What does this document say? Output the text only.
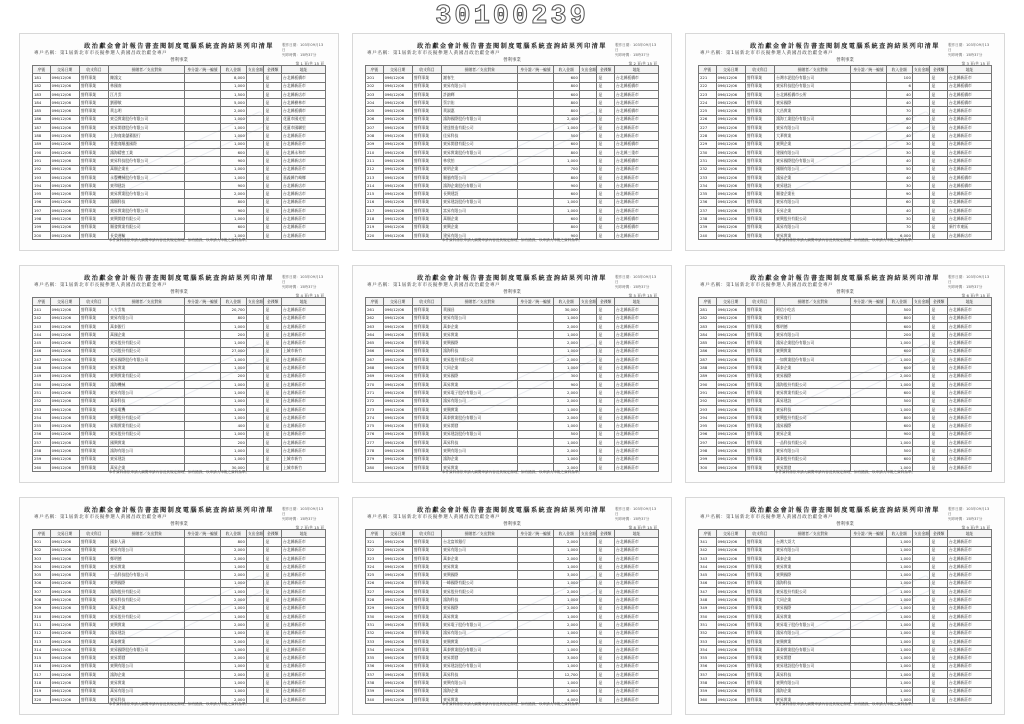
30100239
政治獻金會計報告書查閱制度電腦系統查詢結果列印清單	製作日期：103年09月13日
列印時間：15時37分
專戶名稱：第1屆新北市市長擬參選人黃國昌政治獻金專戶
營利事業
第 1 頁/共 15 頁
序號	交易日期	收支科目	捐贈者／支出對象	身分證／統一編號	收入金額	支出金額	金錢類	地址
181	096/12/06	營利事業	陳鴻文		8,000		是	台北縣板橋市
182	096/12/06	營利事業	林國南		1,000		是	台北縣新莊市
183	096/12/06	營利事業	江月雲		1,500		是	台北縣新店市
184	096/12/06	營利事業	劉靜敏		5,000		是	台北縣樹林市
185	096/12/06	營利事業	黃志明		2,000		是	台北縣板橋市
186	096/12/06	營利事業	東亞實業股份有限公司		1,000		是	花蓮市國光里
187	096/12/06	營利事業	東昇開發股份有限公司		1,000		是	花蓮市國聯里
188	096/12/06	營利事業	上海商業儲蓄銀行		1,000		是	台北縣新莊市
189	096/12/06	營利事業	香港商順風國際		1,000		是	台北縣新莊市
190	096/12/06	營利事業	鴻海精密工業		600		是	台北縣永和市
191	096/12/06	營利事業	東昇科技股份有限公司		900		是	台北縣新店市
192	096/12/06	營利事業	萬順企業社		1,000		是	台北縣新莊市
193	096/12/06	營利事業	永豐機械股份有限公司		1,000		是	嘉義縣竹崎鄉
194	096/12/06	營利事業	東和建設		900		是	台北縣新店市
195	096/12/06	營利事業	東昇實業股份有限公司		2,000		是	台北縣新店市
196	096/12/06	營利事業	鴻順科技		800		是	台北縣新莊市
197	096/12/06	營利事業	東昇實業股份有限公司		900		是	台北縣新莊市
198	096/12/06	營利事業	東興開發有限公司		1,000		是	台北縣新莊市
199	096/12/06	營利事業	順發實業有限公司		600		是	台北縣新莊市
200	096/12/06	營利事業	長榮運輸		1,000		是	台北縣新莊市
本件資料係依申請人調閱申請內容及其規定辦理，如有錯誤，以申請人申報之資料為準。
政治獻金會計報告書查閱制度電腦系統查詢結果列印清單	製作日期：103年09月13日
列印時間：15時37分
專戶名稱：第1屆新北市市長擬參選人黃國昌政治獻金專戶
營利事業
第 2 頁/共 15 頁
序號	交易日期	收支科目	捐贈者／支出對象	身分證／統一編號	收入金額	支出金額	金錢類	地址
201	096/12/06	營利事業	謝春生		600		是	台北縣板橋市
202	096/12/06	營利事業	東昇有限公司		800		是	台北縣板橋市
203	096/12/06	營利事業	許錦輝		600		是	台北縣新莊市
204	096/12/06	營利事業	蔡宗佑		800		是	台北縣新莊市
205	096/12/06	營利事業	黃淑惠		800		是	台北縣板橋市
206	096/12/06	營利事業	鴻海國際股份有限公司		2,400		是	台北縣新莊市
207	096/12/06	營利事業	建達營造有限公司		1,000		是	台北縣新莊市
208	096/12/06	營利事業	佳昇科技		500		是	台北縣新莊市
209	096/12/06	營利事業	東昇開發有限公司		600		是	台北縣板橋市
210	096/12/06	營利事業	東昇實業股份有限公司		800		是	台北縣三重市
211	096/12/06	營利事業	林欣怡		1,000		是	台北縣板橋市
212	096/12/06	營利事業	東明企業		700		是	台北縣新莊市
213	096/12/06	營利事業	順風有限公司		800		是	台北縣新莊市
214	096/12/06	營利事業	鴻海企業股份有限公司		900		是	台北縣新莊市
215	096/12/06	營利事業	長興建設		600		是	台北縣新莊市
216	096/12/06	營利事業	東昇建設股份有限公司		1,000		是	台北縣新莊市
217	096/12/06	營利事業	富昇有限公司		1,000		是	台北縣新莊市
218	096/12/06	營利事業	萬順企業		600		是	台北縣板橋市
219	096/12/06	營利事業	東興企業		800		是	台北縣板橋市
220	096/12/06	營利事業	建昇有限公司		900		是	台北縣新莊市
本件資料係依申請人調閱申請內容及其規定辦理，如有錯誤，以申請人申報之資料為準。
政治獻金會計報告書查閱制度電腦系統查詢結果列印清單	製作日期：103年09月13日
列印時間：15時37分
專戶名稱：第1屆新北市市長擬參選人黃國昌政治獻金專戶
營利事業
第 3 頁/共 15 頁
序號	交易日期	收支科目	捐贈者／支出對象	身分證／統一編號	收入金額	支出金額	金錢類	地址
221	096/12/06	營利事業	台灣水泥股份有限公司		100		是	台北縣新莊市
222	096/12/06	營利事業	東昇科技股份有限公司		6		是	台北縣板橋市
223	096/12/06	營利事業	台北縣板橋市公所		40		是	台北縣板橋市
224	096/12/06	營利事業	東昇國際		40		是	台北縣板橋市
225	096/12/06	營利事業	大昌實業		70		是	台北縣新莊市
226	096/12/06	營利事業	鴻海工業股份有限公司		60		是	台北縣新莊市
227	096/12/06	營利事業	東昇有限公司		40		是	台北縣新莊市
228	096/12/06	營利事業	大華實業		40		是	台北縣新莊市
229	096/12/06	營利事業	東興企業		30		是	台北縣新莊市
230	096/12/06	營利事業	建國有限公司		30		是	台北縣新莊市
231	096/12/06	營利事業	東昇國際股份有限公司		40		是	台北縣新莊市
232	096/12/06	營利事業	國順有限公司		50		是	台北縣新莊市
233	096/12/06	營利事業	鴻昇企業		40		是	台北縣板橋市
234	096/12/06	營利事業	東昇建設		30		是	台北縣板橋市
235	096/12/06	營利事業	順發企業社		90		是	台北縣新莊市
236	096/12/06	營利事業	東昇有限公司		60		是	台北縣新莊市
237	096/12/06	營利事業	長昇企業		40		是	台北縣新莊市
238	096/12/06	營利事業	東興股份有限公司		30		是	台北縣新莊市
239	096/12/06	營利事業	萬昇有限公司		70		是	新竹市東區
240	096/12/06	營利事業	東昇實業		6,000		是	台北縣新店市
本件資料係依申請人調閱申請內容及其規定辦理，如有錯誤，以申請人申報之資料為準。
政治獻金會計報告書查閱制度電腦系統查詢結果列印清單	製作日期：103年09月13日
列印時間：15時37分
專戶名稱：第1屆新北市市長擬參選人黃國昌政治獻金專戶
營利事業
第 4 頁/共 15 頁
序號	交易日期	收支科目	捐贈者／支出對象	身分證／統一編號	收入金額	支出金額	金錢類	地址
241	096/12/06	營利事業	八方雲集		20,700		是	台北縣新莊市
242	096/12/06	營利事業	東昇有限公司		800		是	台北縣新莊市
243	096/12/06	營利事業	萬泰銀行		1,000		是	台北縣新莊市
244	096/12/06	營利事業	萬國企業		200		是	台北縣新莊市
245	096/12/06	營利事業	東昇股份有限公司		1,000		是	台北縣新莊市
246	096/12/06	營利事業	大同股份有限公司		27,000		是	上城市新竹
247	096/12/06	營利事業	東昇國際股份有限公司		1,000		是	台北縣新莊市
248	096/12/06	營利事業	東昇實業		1,000		是	台北縣新莊市
249	096/12/06	營利事業	東興實業有限公司		200		是	台北縣新莊市
250	096/12/06	營利事業	鴻海機械		1,000		是	台北縣新莊市
251	096/12/06	營利事業	東昇有限公司		1,000		是	台北縣新莊市
252	096/12/06	營利事業	萬泰科技		1,000		是	台北縣新莊市
253	096/12/06	營利事業	東昇電機		1,000		是	台北縣新莊市
254	096/12/06	營利事業	東興股份有限公司		1,000		是	台北縣新莊市
255	096/12/06	營利事業	昇陽實業有限公司		400		是	台北縣新莊市
256	096/12/06	營利事業	東昇股份有限公司		1,000		是	台北縣新莊市
257	096/12/06	營利事業	國興實業		200		是	台北縣新莊市
258	096/12/06	營利事業	鴻海有限公司		1,000		是	台北縣新莊市
259	096/12/06	營利事業	東昇建設		1,000		是	上城市新竹
260	096/12/06	營利事業	萬昇企業		30,000		是	上城市新竹
本件資料係依申請人調閱申請內容及其規定辦理，如有錯誤，以申請人申報之資料為準。
政治獻金會計報告書查閱制度電腦系統查詢結果列印清單	製作日期：103年09月13日
列印時間：15時37分
專戶名稱：第1屆新北市市長擬參選人黃國昌政治獻金專戶
營利事業
第 5 頁/共 15 頁
序號	交易日期	收支科目	捐贈者／支出對象	身分證／統一編號	收入金額	支出金額	金錢類	地址
261	096/12/06	營利事業	黃國昌		30,000		是	台北縣新莊市
262	096/12/06	營利事業	東昇有限公司		1,000		是	台北縣新莊市
263	096/12/06	營利事業	萬泰企業		2,000		是	台北縣新莊市
264	096/12/06	營利事業	東昇實業		1,000		是	台北縣新莊市
265	096/12/06	營利事業	東興國際		2,000		是	台北縣新莊市
266	096/12/06	營利事業	鴻海科技		1,000		是	台北縣新莊市
267	096/12/06	營利事業	東昇股份有限公司		2,000		是	台北縣新莊市
268	096/12/06	營利事業	大同企業		1,000		是	台北縣新莊市
269	096/12/06	營利事業	東昇國際		300		是	台北縣新莊市
270	096/12/06	營利事業	萬昇實業		900		是	台北縣新莊市
271	096/12/06	營利事業	東昇電子股份有限公司		2,000		是	台北縣新莊市
272	096/12/06	營利事業	鴻昇有限公司		2,000		是	台北縣新莊市
273	096/12/06	營利事業	東興實業		1,000		是	台北縣新莊市
274	096/12/06	營利事業	萬泰實業股份有限公司		2,000		是	台北縣新莊市
275	096/12/06	營利事業	東昇開發		1,000		是	台北縣新莊市
276	096/12/06	營利事業	東昇建設股份有限公司		500		是	台北縣新莊市
277	096/12/06	營利事業	萬昇科技		1,000		是	台北縣新莊市
278	096/12/06	營利事業	東興有限公司		2,000		是	台北縣新莊市
279	096/12/06	營利事業	鴻海企業		1,000		是	台北縣新莊市
280	096/12/06	營利事業	東昇實業		2,000		是	台北縣新莊市
本件資料係依申請人調閱申請內容及其規定辦理，如有錯誤，以申請人申報之資料為準。
政治獻金會計報告書查閱制度電腦系統查詢結果列印清單	製作日期：103年09月13日
列印時間：15時37分
專戶名稱：第1屆新北市市長擬參選人黃國昌政治獻金專戶
營利事業
第 6 頁/共 15 頁
序號	交易日期	收支科目	捐贈者／支出對象	身分證／統一編號	收入金額	支出金額	金錢類	地址
281	096/12/06	營利事業	阿信小吃店		500		是	台北縣新莊市
282	096/12/06	營利事業	東昇商行		800		是	台北縣新莊市
283	096/12/06	營利事業	鄭明德		600		是	台北縣新莊市
284	096/12/06	營利事業	東昇有限公司		200		是	台北縣新莊市
285	096/12/06	營利事業	鴻昇企業股份有限公司		1,000		是	台北縣新莊市
286	096/12/06	營利事業	東興實業		600		是	台北縣新莊市
287	096/12/06	營利事業	一如實業股份有限公司		1,000		是	台北縣新莊市
288	096/12/06	營利事業	萬泰企業		600		是	台北縣新莊市
289	096/12/06	營利事業	東昇國際		2,000		是	台北縣新莊市
290	096/12/06	營利事業	鴻海股份有限公司		1,000		是	台北縣新莊市
291	096/12/06	營利事業	東昇實業有限公司		600		是	台北縣新莊市
292	096/12/06	營利事業	萬昇建設		500		是	台北縣新莊市
293	096/12/06	營利事業	東昇科技		1,000		是	台北縣新莊市
294	096/12/06	營利事業	東興股份有限公司		800		是	台北縣新莊市
295	096/12/06	營利事業	鴻昇國際		600		是	台北縣新莊市
296	096/12/06	營利事業	東昇企業		900		是	台北縣新莊市
297	096/12/06	營利事業	一品科技有限公司		1,000		是	台北縣新莊市
298	096/12/06	營利事業	東昇有限公司		500		是	台北縣新莊市
299	096/12/06	營利事業	萬泰股份有限公司		600		是	台北縣新莊市
300	096/12/06	營利事業	東昇開發		1,000		是	台北縣新莊市
本件資料係依申請人調閱申請內容及其規定辦理，如有錯誤，以申請人申報之資料為準。
政治獻金會計報告書查閱制度電腦系統查詢結果列印清單	製作日期：103年09月13日
列印時間：15時37分
專戶名稱：第1屆新北市市長擬參選人黃國昌政治獻金專戶
營利事業
第 7 頁/共 15 頁
序號	交易日期	收支科目	捐贈者／支出對象	身分證／統一編號	收入金額	支出金額	金錢類	地址
301	096/12/06	營利事業	國泰人壽		800		是	台北縣新莊市
302	096/12/06	營利事業	東昇有限公司		2,000		是	台北縣新莊市
303	096/12/06	營利事業	鄭明德		2,000		是	台北縣新莊市
304	096/12/06	營利事業	東昇實業		1,000		是	台北縣新莊市
305	096/12/06	營利事業	一品科技股份有限公司		2,000		是	台北縣新莊市
306	096/12/06	營利事業	東興國際		1,000		是	台北縣新莊市
307	096/12/06	營利事業	鴻海股份有限公司		1,000		是	台北縣新莊市
308	096/12/06	營利事業	東昇科技有限公司		2,000		是	台北縣新莊市
309	096/12/06	營利事業	萬昇企業		1,000		是	台北縣新莊市
310	096/12/06	營利事業	東昇股份有限公司		1,000		是	台北縣新莊市
311	096/12/06	營利事業	東興實業		2,000		是	台北縣新莊市
312	096/12/06	營利事業	鴻昇建設		1,000		是	台北縣新莊市
313	096/12/06	營利事業	萬泰實業		2,000		是	台北縣新莊市
314	096/12/06	營利事業	東昇國際股份有限公司		1,000		是	台北縣新莊市
315	096/12/06	營利事業	東昇開發		2,000		是	台北縣新莊市
316	096/12/06	營利事業	東興有限公司		1,000		是	台北縣新莊市
317	096/12/06	營利事業	鴻海企業		2,000		是	台北縣新莊市
318	096/12/06	營利事業	東昇實業		1,000		是	台北縣新莊市
319	096/12/06	營利事業	萬昇有限公司		1,000		是	台北縣新莊市
320	096/12/06	營利事業	東昇科技		2,000		是	台北縣新莊市
本件資料係依申請人調閱申請內容及其規定辦理，如有錯誤，以申請人申報之資料為準。
政治獻金會計報告書查閱制度電腦系統查詢結果列印清單	製作日期：103年09月13日
列印時間：15時37分
專戶名稱：第1屆新北市市長擬參選人黃國昌政治獻金專戶
營利事業
第 8 頁/共 15 頁
序號	交易日期	收支科目	捐贈者／支出對象	身分證／統一編號	收入金額	支出金額	金錢類	地址
321	096/12/06	營利事業	台北富邦銀行		2,000		是	台北縣新莊市
322	096/12/06	營利事業	東昇有限公司		1,000		是	台北縣新莊市
323	096/12/06	營利事業	萬泰企業		2,000		是	台北縣新莊市
324	096/12/06	營利事業	東昇實業		1,000		是	台北縣新莊市
325	096/12/06	營利事業	東興國際		3,000		是	台北縣新莊市
326	096/12/06	營利事業	一峰國際有限公司		1,000		是	台北縣新莊市
327	096/12/06	營利事業	東昇股份有限公司		2,000		是	台北縣新莊市
328	096/12/06	營利事業	鴻海科技		1,000		是	台北縣新莊市
329	096/12/06	營利事業	東昇國際		2,000		是	台北縣新莊市
330	096/12/06	營利事業	萬昇實業		1,000		是	台北縣新莊市
331	096/12/06	營利事業	東昇電子股份有限公司		2,000		是	台北縣新莊市
332	096/12/06	營利事業	鴻昇有限公司		1,000		是	台北縣新莊市
333	096/12/06	營利事業	東興實業		2,000		是	台北縣新莊市
334	096/12/06	營利事業	萬泰實業股份有限公司		1,000		是	台北縣新莊市
335	096/12/06	營利事業	東昇開發		3,000		是	台北縣新莊市
336	096/12/06	營利事業	東昇建設股份有限公司		1,000		是	台北縣新莊市
337	096/12/06	營利事業	萬昇科技		12,700		是	台北縣新莊市
338	096/12/06	營利事業	東興有限公司		1,000		是	台北縣新莊市
339	096/12/06	營利事業	鴻海企業		2,000		是	台北縣新莊市
340	096/12/06	營利事業	東昇實業		4,000		是	台北縣新莊市
本件資料係依申請人調閱申請內容及其規定辦理，如有錯誤，以申請人申報之資料為準。
政治獻金會計報告書查閱制度電腦系統查詢結果列印清單	製作日期：103年09月13日
列印時間：15時37分
專戶名稱：第1屆新北市市長擬參選人黃國昌政治獻金專戶
營利事業
第 9 頁/共 15 頁
序號	交易日期	收支科目	捐贈者／支出對象	身分證／統一編號	收入金額	支出金額	金錢類	地址
341	096/12/06	營利事業	台灣大哥大		1,000		是	台北縣新莊市
342	096/12/06	營利事業	東昇有限公司		1,000		是	台北縣新莊市
343	096/12/06	營利事業	萬泰企業		1,000		是	台北縣新莊市
344	096/12/06	營利事業	東昇實業		1,000		是	台北縣新莊市
345	096/12/06	營利事業	東興國際		1,000		是	台北縣新莊市
346	096/12/06	營利事業	鴻海科技		1,000		是	台北縣新莊市
347	096/12/06	營利事業	東昇股份有限公司		1,000		是	台北縣新莊市
348	096/12/06	營利事業	大同企業		1,000		是	台北縣新莊市
349	096/12/06	營利事業	東昇國際		1,000		是	台北縣新莊市
350	096/12/06	營利事業	萬昇實業		1,000		是	台北縣新莊市
351	096/12/06	營利事業	東昇電子股份有限公司		1,000		是	台北縣新莊市
352	096/12/06	營利事業	鴻昇有限公司		1,000		是	台北縣新莊市
353	096/12/06	營利事業	東興實業		1,000		是	台北縣新莊市
354	096/12/06	營利事業	萬泰實業股份有限公司		1,000		是	台北縣新莊市
355	096/12/06	營利事業	東昇開發		1,000		是	台北縣新莊市
356	096/12/06	營利事業	東昇建設股份有限公司		1,000		是	台北縣新莊市
357	096/12/06	營利事業	萬昇科技		1,000		是	台北縣新莊市
358	096/12/06	營利事業	東興有限公司		1,000		是	台北縣新莊市
359	096/12/06	營利事業	鴻海企業		1,000		是	台北縣新莊市
360	096/12/06	營利事業	東昇實業		1,000		是	台北縣新莊市
本件資料係依申請人調閱申請內容及其規定辦理，如有錯誤，以申請人申報之資料為準。
